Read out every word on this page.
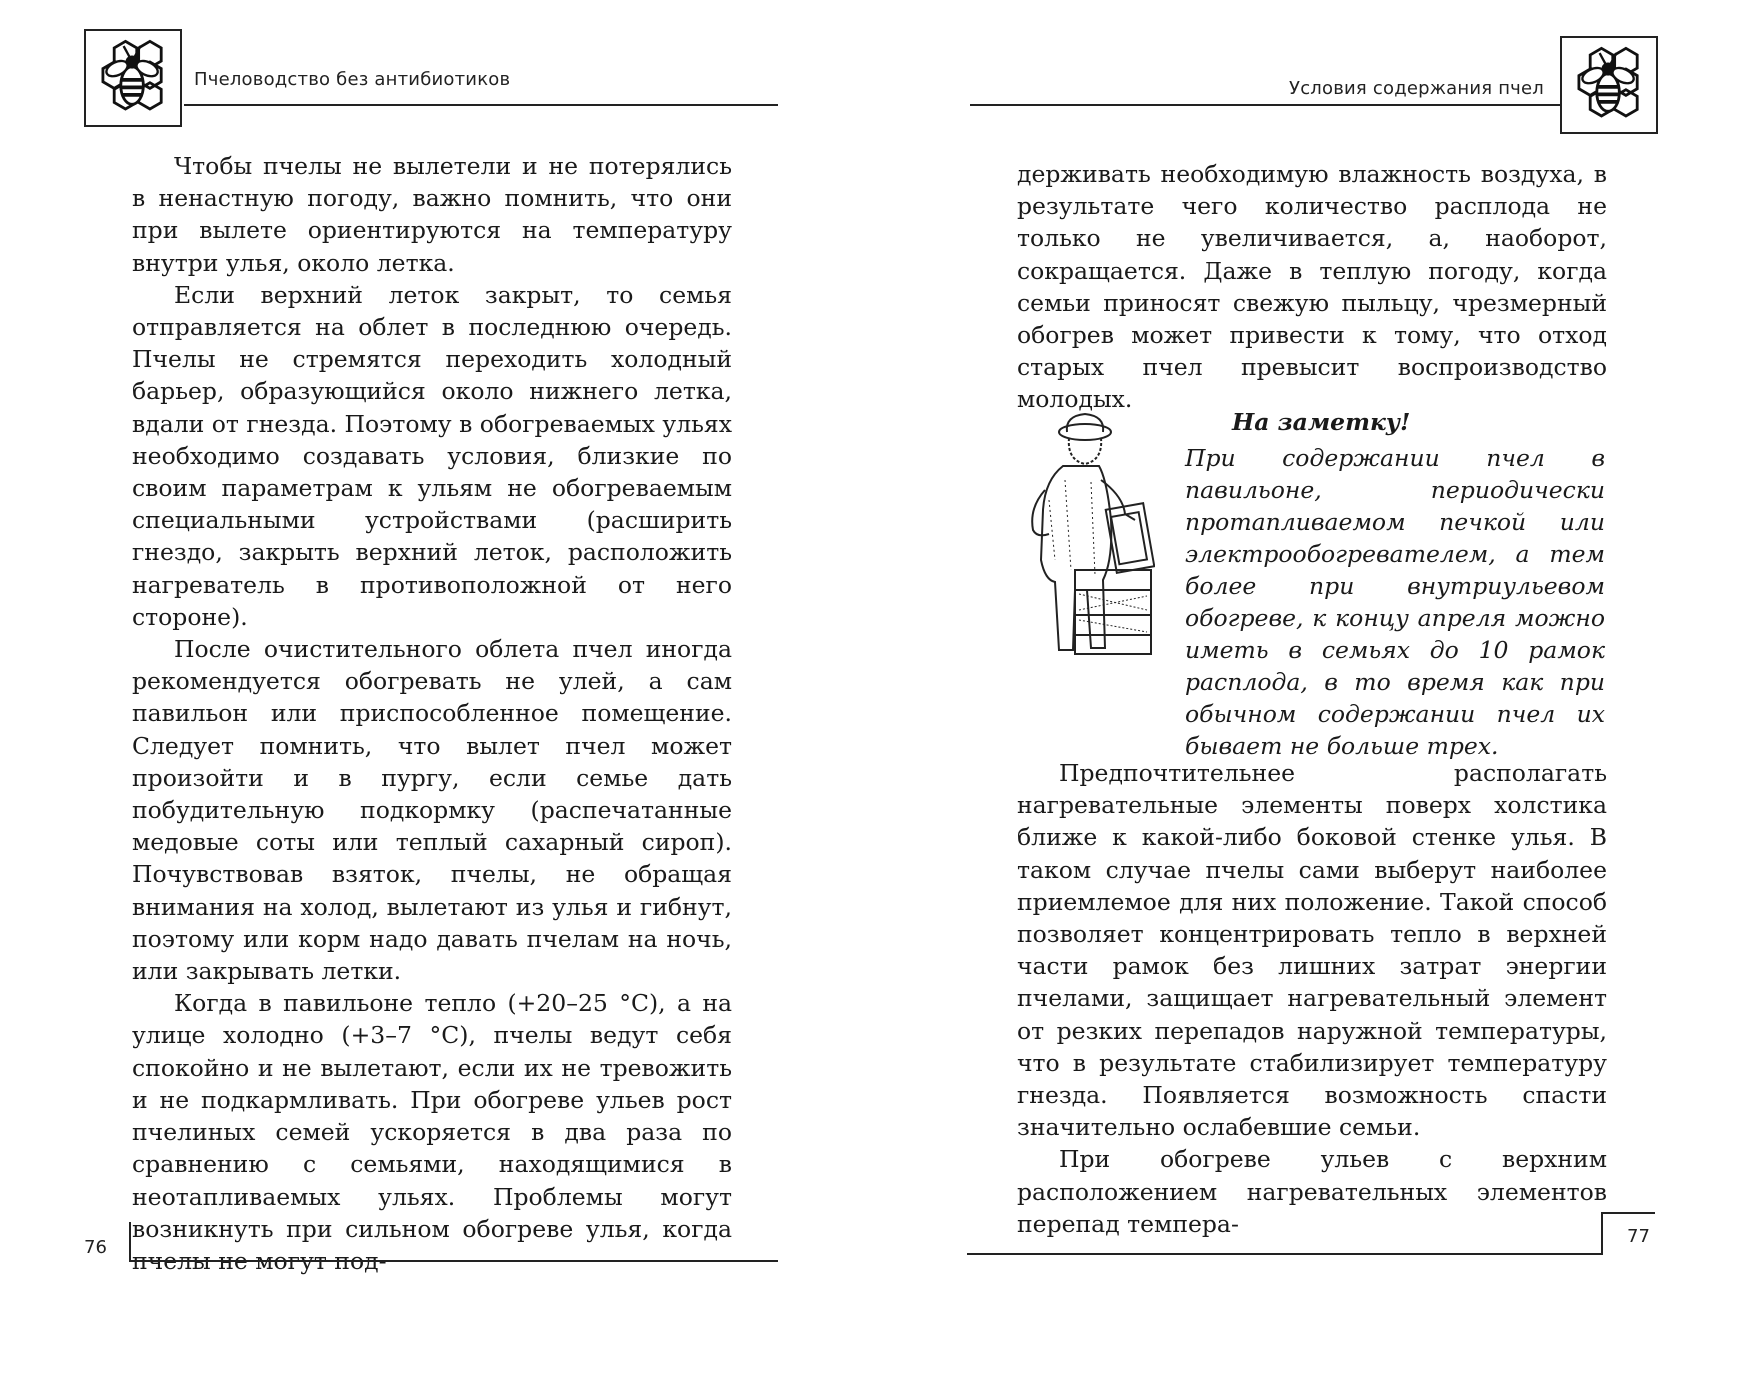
Пчеловодство без антибиотиков

Чтобы пчелы не вылетели и не потерялись в ненастную погоду, важно помнить, что они при вылете ориентируются на температуру внутри улья, около летка.

Если верхний леток закрыт, то семья отправляется на облет в последнюю очередь. Пчелы не стремятся переходить холодный барьер, образующийся около нижнего летка, вдали от гнезда. Поэтому в обогреваемых ульях необходимо создавать условия, близкие по своим параметрам к ульям не обогреваемым специальными устройствами (расширить гнездо, закрыть верхний леток, расположить нагреватель в противоположной от него стороне).

После очистительного облета пчел иногда рекомендуется обогревать не улей, а сам павильон или приспособленное помещение. Следует помнить, что вылет пчел может произойти и в пургу, если семье дать побудительную подкормку (распечатанные медовые соты или теплый сахарный сироп). Почувствовав взяток, пчелы, не обращая внимания на холод, вылетают из улья и гибнут, поэтому или корм надо давать пчелам на ночь, или закрывать летки.

Когда в павильоне тепло (+20–25 °С), а на улице холодно (+3–7 °С), пчелы ведут себя спокойно и не вылетают, если их не тревожить и не подкармливать. При обогреве ульев рост пчелиных семей ускоряется в два раза по сравнению с семьями, находящимися в неотапливаемых ульях. Проблемы могут возникнуть при сильном обогреве улья, когда пчелы не могут под-

76
Условия содержания пчел

держивать необходимую влажность воздуха, в результате чего количество расплода не только не увеличивается, а, наоборот, сокращается. Даже в теплую погоду, когда семьи приносят свежую пыльцу, чрезмерный обогрев может привести к тому, что отход старых пчел превысит воспроизводство молодых.

На заметку!

При содержании пчел в павильоне, периодически протапливаемом печкой или электрообогревателем, а тем более при внутриульевом обогреве, к концу апреля можно иметь в семьях до 10 рамок расплода, в то время как при обычном содержании пчел их бывает не больше трех.

Предпочтительнее располагать нагревательные элементы поверх холстика ближе к какой-либо боковой стенке улья. В таком случае пчелы сами выберут наиболее приемлемое для них положение. Такой способ позволяет концентрировать тепло в верхней части рамок без лишних затрат энергии пчелами, защищает нагревательный элемент от резких перепадов наружной температуры, что в результате стабилизирует температуру гнезда. Появляется возможность спасти значительно ослабевшие семьи.

При обогреве ульев с верхним расположением нагревательных элементов перепад темпера-	77
